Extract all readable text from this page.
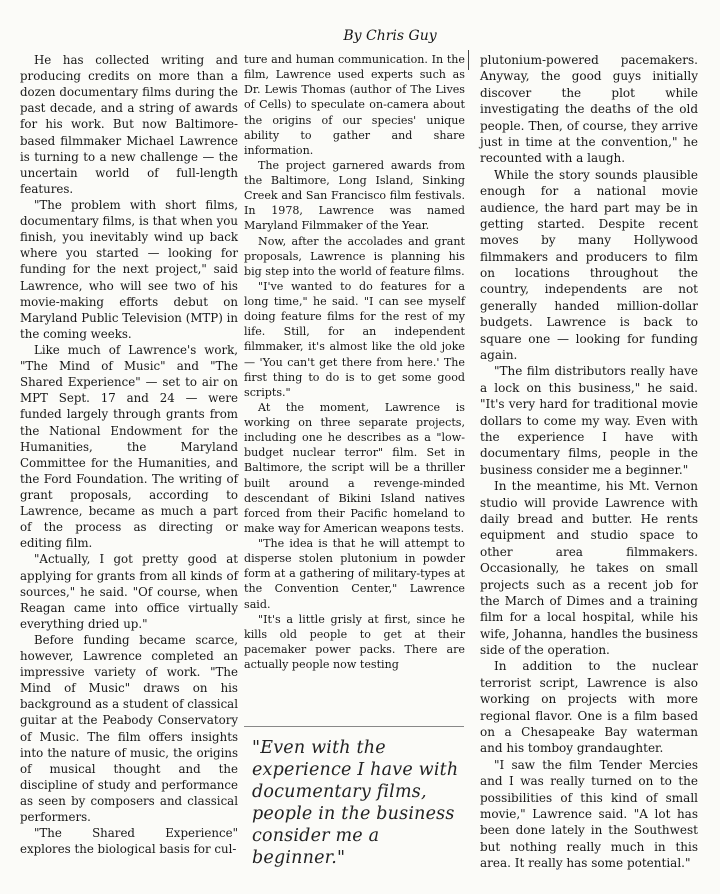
By Chris Guy

He has collected writing and producing credits on more than a dozen documentary films during the past decade, and a string of awards for his work. But now Baltimore-based filmmaker Michael Lawrence is turning to a new challenge — the uncertain world of full-length features.

"The problem with short films, documentary films, is that when you finish, you inevitably wind up back where you started — looking for funding for the next project," said Lawrence, who will see two of his movie-making efforts debut on Maryland Public Television (MTP) in the coming weeks.

Like much of Lawrence's work, "The Mind of Music" and "The Shared Experience" — set to air on MPT Sept. 17 and 24 — were funded largely through grants from the National Endowment for the Humanities, the Maryland Committee for the Humanities, and the Ford Foundation. The writing of grant proposals, according to Lawrence, became as much a part of the process as directing or editing film.

"Actually, I got pretty good at applying for grants from all kinds of sources," he said. "Of course, when Reagan came into office virtually everything dried up."

Before funding became scarce, however, Lawrence completed an impressive variety of work. "The Mind of Music" draws on his background as a student of classical guitar at the Peabody Conservatory of Music. The film offers insights into the nature of music, the origins of musical thought and the discipline of study and performance as seen by composers and classical performers.

"The Shared Experience" explores the biological basis for cul-

ture and human communication. In the film, Lawrence used experts such as Dr. Lewis Thomas (author of The Lives of Cells) to speculate on-camera about the origins of our species' unique ability to gather and share information.

The project garnered awards from the Baltimore, Long Island, Sinking Creek and San Francisco film festivals. In 1978, Lawrence was named Maryland Filmmaker of the Year.

Now, after the accolades and grant proposals, Lawrence is planning his big step into the world of feature films.

"I've wanted to do features for a long time," he said. "I can see myself doing feature films for the rest of my life. Still, for an independent filmmaker, it's almost like the old joke — 'You can't get there from here.' The first thing to do is to get some good scripts."

At the moment, Lawrence is working on three separate projects, including one he describes as a "low-budget nuclear terror" film. Set in Baltimore, the script will be a thriller built around a revenge-minded descendant of Bikini Island natives forced from their Pacific homeland to make way for American weapons tests.

"The idea is that he will attempt to disperse stolen plutonium in powder form at a gathering of military-types at the Convention Center," Lawrence said.

"It's a little grisly at first, since he kills old people to get at their pacemaker power packs. There are actually people now testing

"Even with the experience I have with documentary films, people in the business consider me a beginner."

plutonium-powered pacemakers. Anyway, the good guys initially discover the plot while investigating the deaths of the old people. Then, of course, they arrive just in time at the convention," he recounted with a laugh.

While the story sounds plausible enough for a national movie audience, the hard part may be in getting started. Despite recent moves by many Hollywood filmmakers and producers to film on locations throughout the country, independents are not generally handed million-dollar budgets. Lawrence is back to square one — looking for funding again.

"The film distributors really have a lock on this business," he said. "It's very hard for traditional movie dollars to come my way. Even with the experience I have with documentary films, people in the business consider me a beginner."

In the meantime, his Mt. Vernon studio will provide Lawrence with daily bread and butter. He rents equipment and studio space to other area filmmakers. Occasionally, he takes on small projects such as a recent job for the March of Dimes and a training film for a local hospital, while his wife, Johanna, handles the business side of the operation.

In addition to the nuclear terrorist script, Lawrence is also working on projects with more regional flavor. One is a film based on a Chesapeake Bay waterman and his tomboy grandaughter.

"I saw the film Tender Mercies and I was really turned on to the possibilities of this kind of small movie," Lawrence said. "A lot has been done lately in the Southwest but nothing really much in this area. It really has some potential."
